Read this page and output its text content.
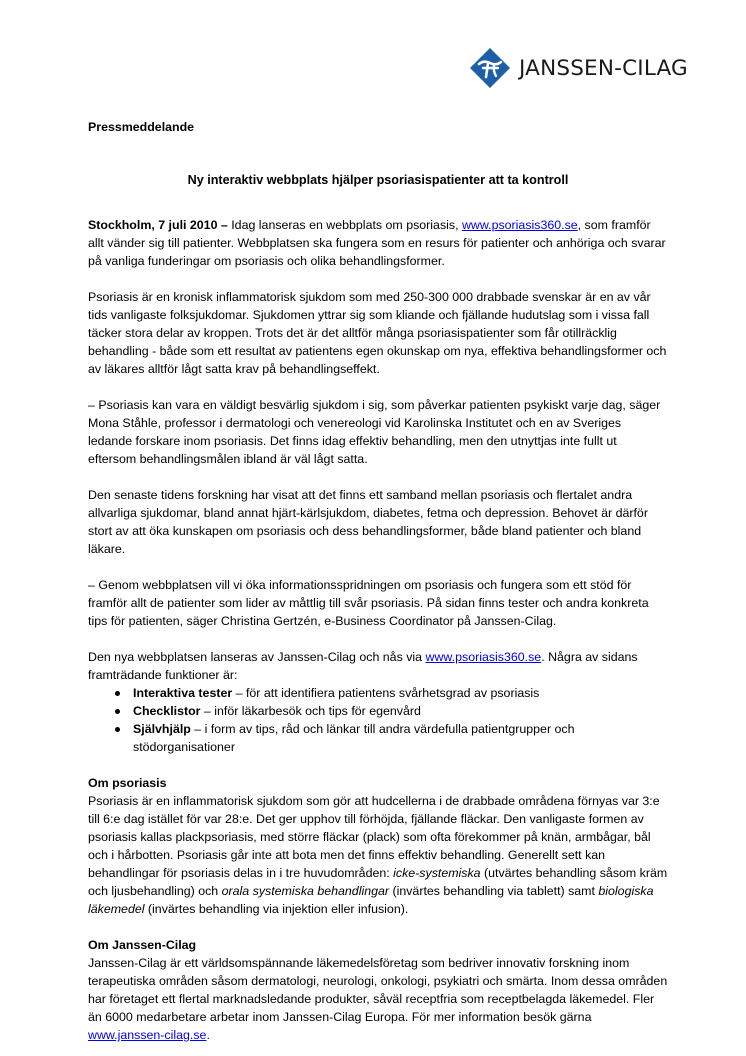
JANSSEN-CILAG

Pressmeddelande

Ny interaktiv webbplats hjälper psoriasispatienter att ta kontroll

Stockholm, 7 juli 2010 – Idag lanseras en webbplats om psoriasis, www.psoriasis360.se, som framför allt vänder sig till patienter. Webbplatsen ska fungera som en resurs för patienter och anhöriga och svarar på vanliga funderingar om psoriasis och olika behandlingsformer.

Psoriasis är en kronisk inflammatorisk sjukdom som med 250-300 000 drabbade svenskar är en av vår tids vanligaste folksjukdomar. Sjukdomen yttrar sig som kliande och fjällande hudutslag som i vissa fall täcker stora delar av kroppen. Trots det är det alltför många psoriasispatienter som får otillräcklig behandling - både som ett resultat av patientens egen okunskap om nya, effektiva behandlingsformer och av läkares alltför lågt satta krav på behandlingseffekt.

– Psoriasis kan vara en väldigt besvärlig sjukdom i sig, som påverkar patienten psykiskt varje dag, säger Mona Ståhle, professor i dermatologi och venereologi vid Karolinska Institutet och en av Sveriges ledande forskare inom psoriasis. Det finns idag effektiv behandling, men den utnyttjas inte fullt ut eftersom behandlingsmålen ibland är väl lågt satta.

Den senaste tidens forskning har visat att det finns ett samband mellan psoriasis och flertalet andra allvarliga sjukdomar, bland annat hjärt-kärlsjukdom, diabetes, fetma och depression. Behovet är därför stort av att öka kunskapen om psoriasis och dess behandlingsformer, både bland patienter och bland läkare.

– Genom webbplatsen vill vi öka informationsspridningen om psoriasis och fungera som ett stöd för framför allt de patienter som lider av måttlig till svår psoriasis. På sidan finns tester och andra konkreta tips för patienten, säger Christina Gertzén, e-Business Coordinator på Janssen-Cilag.

Den nya webbplatsen lanseras av Janssen-Cilag och nås via www.psoriasis360.se. Några av sidans framträdande funktioner är:

Interaktiva tester – för att identifiera patientens svårhetsgrad av psoriasis
Checklistor – inför läkarbesök och tips för egenvård
Självhjälp – i form av tips, råd och länkar till andra värdefulla patientgrupper och stödorganisationer

Om psoriasis

Psoriasis är en inflammatorisk sjukdom som gör att hudcellerna i de drabbade områdena förnyas var 3:e till 6:e dag istället för var 28:e. Det ger upphov till förhöjda, fjällande fläckar. Den vanligaste formen av psoriasis kallas plackpsoriasis, med större fläckar (plack) som ofta förekommer på knän, armbågar, bål och i hårbotten. Psoriasis går inte att bota men det finns effektiv behandling. Generellt sett kan behandlingar för psoriasis delas in i tre huvudområden: icke-systemiska (utvärtes behandling såsom kräm och ljusbehandling) och orala systemiska behandlingar (invärtes behandling via tablett) samt biologiska läkemedel (invärtes behandling via injektion eller infusion).

Om Janssen-Cilag

Janssen-Cilag är ett världsomspännande läkemedelsföretag som bedriver innovativ forskning inom terapeutiska områden såsom dermatologi, neurologi, onkologi, psykiatri och smärta. Inom dessa områden har företaget ett flertal marknadsledande produkter, såväl receptfria som receptbelagda läkemedel. Fler än 6000 medarbetare arbetar inom Janssen-Cilag Europa. För mer information besök gärna www.janssen-cilag.se.
